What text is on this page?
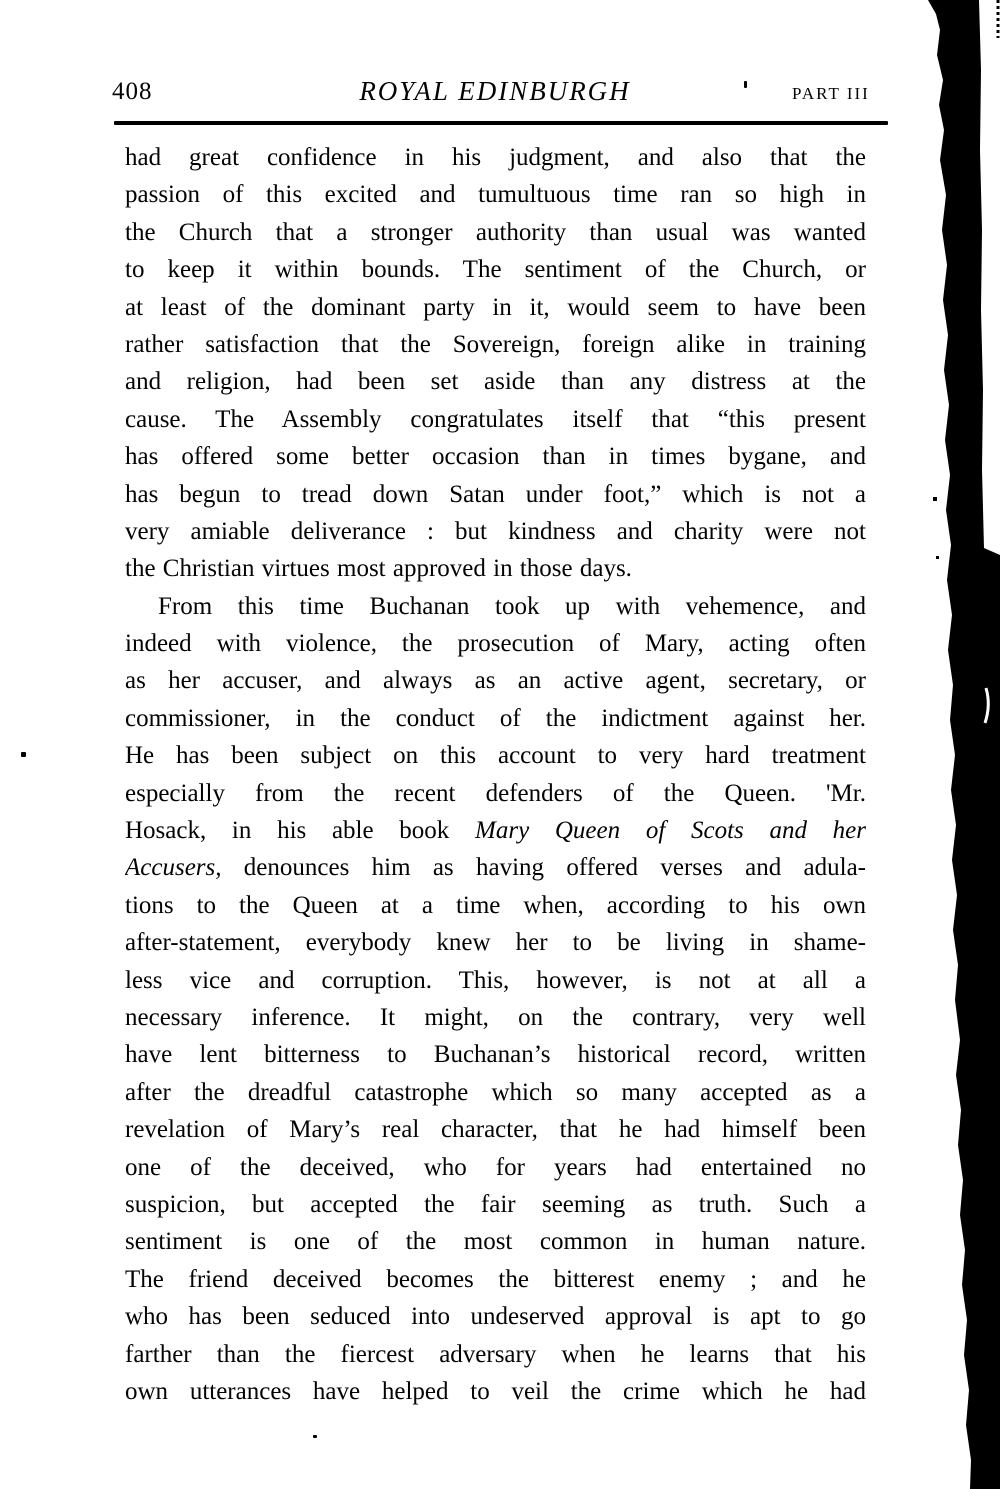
408	ROYAL EDINBURGH	PART III
had great confidence in his judgment, and also that the
passion of this excited and tumultuous time ran so high in
the Church that a stronger authority than usual was wanted
to keep it within bounds. The sentiment of the Church, or
at least of the dominant party in it, would seem to have been
rather satisfaction that the Sovereign, foreign alike in training
and religion, had been set aside than any distress at the
cause. The Assembly congratulates itself that “this present
has offered some better occasion than in times bygane, and
has begun to tread down Satan under foot,” which is not a
very amiable deliverance : but kindness and charity were not
the Christian virtues most approved in those days.
From this time Buchanan took up with vehemence, and
indeed with violence, the prosecution of Mary, acting often
as her accuser, and always as an active agent, secretary, or
commissioner, in the conduct of the indictment against her.
He has been subject on this account to very hard treatment
especially from the recent defenders of the Queen. 'Mr.
Hosack, in his able book Mary Queen of Scots and her
Accusers, denounces him as having offered verses and adula-
tions to the Queen at a time when, according to his own
after-statement, everybody knew her to be living in shame-
less vice and corruption. This, however, is not at all a
necessary inference. It might, on the contrary, very well
have lent bitterness to Buchanan’s historical record, written
after the dreadful catastrophe which so many accepted as a
revelation of Mary’s real character, that he had himself been
one of the deceived, who for years had entertained no
suspicion, but accepted the fair seeming as truth. Such a
sentiment is one of the most common in human nature.
The friend deceived becomes the bitterest enemy ; and he
who has been seduced into undeserved approval is apt to go
farther than the fiercest adversary when he learns that his
own utterances have helped to veil the crime which he had
